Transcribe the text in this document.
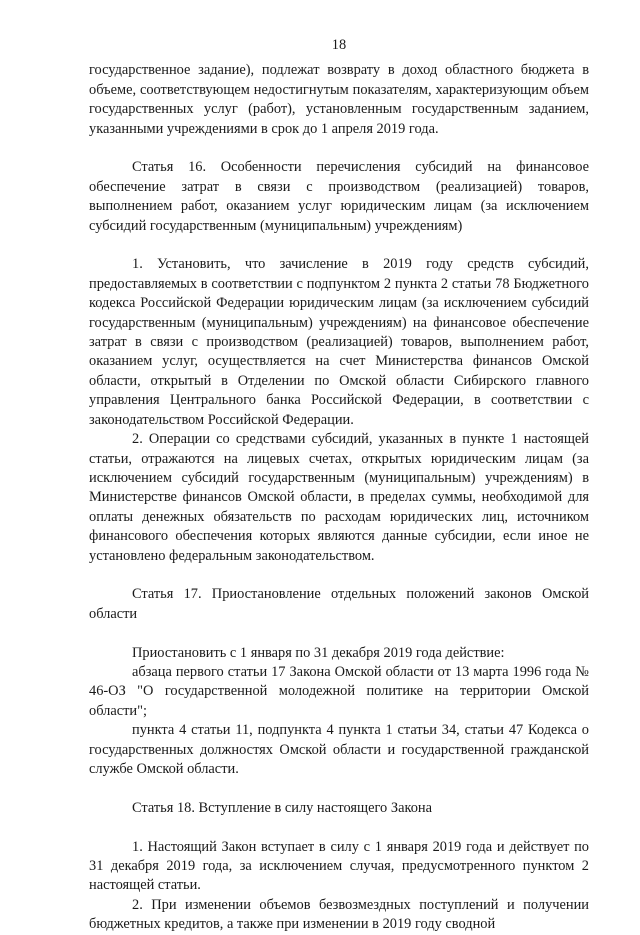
18

государственное задание), подлежат возврату в доход областного бюджета в объеме, соответствующем недостигнутым показателям, характеризующим объем государственных услуг (работ), установленным государственным заданием, указанными учреждениями в срок до 1 апреля 2019 года.

Статья 16. Особенности перечисления субсидий на финансовое обеспечение затрат в связи с производством (реализацией) товаров, выполнением работ, оказанием услуг юридическим лицам (за исключением субсидий государственным (муниципальным) учреждениям)

1. Установить, что зачисление в 2019 году средств субсидий, предоставляемых в соответствии с подпунктом 2 пункта 2 статьи 78 Бюджетного кодекса Российской Федерации юридическим лицам (за исключением субсидий государственным (муниципальным) учреждениям) на финансовое обеспечение затрат в связи с производством (реализацией) товаров, выполнением работ, оказанием услуг, осуществляется на счет Министерства финансов Омской области, открытый в Отделении по Омской области Сибирского главного управления Центрального банка Российской Федерации, в соответствии с законодательством Российской Федерации.

2. Операции со средствами субсидий, указанных в пункте 1 настоящей статьи, отражаются на лицевых счетах, открытых юридическим лицам (за исключением субсидий государственным (муниципальным) учреждениям) в Министерстве финансов Омской области, в пределах суммы, необходимой для оплаты денежных обязательств по расходам юридических лиц, источником финансового обеспечения которых являются данные субсидии, если иное не установлено федеральным законодательством.

Статья 17. Приостановление отдельных положений законов Омской области

Приостановить с 1 января по 31 декабря 2019 года действие:

абзаца первого статьи 17 Закона Омской области от 13 марта 1996 года № 46-ОЗ "О государственной молодежной политике на территории Омской области";

пункта 4 статьи 11, подпункта 4 пункта 1 статьи 34, статьи 47 Кодекса о государственных должностях Омской области и государственной гражданской службе Омской области.

Статья 18. Вступление в силу настоящего Закона

1. Настоящий Закон вступает в силу с 1 января 2019 года и действует по 31 декабря 2019 года, за исключением случая, предусмотренного пунктом 2 настоящей статьи.

2. При изменении объемов безвозмездных поступлений и получении бюджетных кредитов, а также при изменении в 2019 году сводной
